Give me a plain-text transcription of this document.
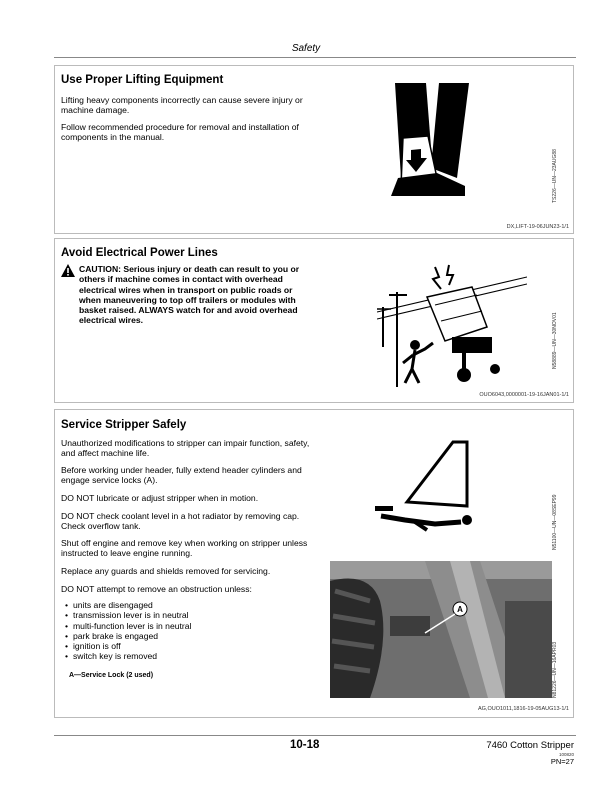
Safety
Use Proper Lifting Equipment
Lifting heavy components incorrectly can cause severe injury or machine damage.
Follow recommended procedure for removal and installation of components in the manual.
TS226—UN—23AUG88
DX,LIFT-19-06JUN23-1/1
Avoid Electrical Power Lines
CAUTION: Serious injury or death can result to you or others if machine comes in contact with overhead electrical wires when in transport on public roads or when maneuvering to top off trailers or modules with basket raised. ALWAYS watch for and avoid overhead electrical wires.	N58889—UN—30NOV01
OUO6043,0000001-19-16JAN01-1/1
Service Stripper Safely
Unauthorized modifications to stripper can impair function, safety, and affect machine life.
Before working under header, fully extend header cylinders and engage service locks (A).
DO NOT lubricate or adjust stripper when in motion.
DO NOT check coolant level in a hot radiator by removing cap. Check overflow tank.
Shut off engine and remove key when working on stripper unless instructed to leave engine running.
Replace any guards and shields removed for servicing.
DO NOT attempt to remove an obstruction unless:
• units are disengaged
• transmission lever is in neutral
• multi-function lever is in neutral
• park brake is engaged
• ignition is off
• switch key is removed
A—Service Lock (2 used)
N51100—UN—08SEP99
A
N81226—UN—16APR03
AG,OUO1011,1816-19-05AUG13-1/1
10-18	7460 Cotton Stripper
100820
PN=27
